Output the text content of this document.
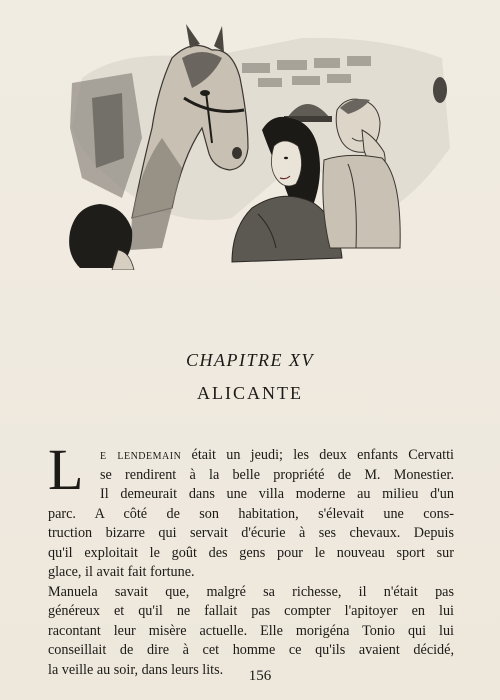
CHAPITRE XV
ALICANTE
L	e lendemain était un jeudi; les deux enfants Cervatti
se rendirent à la belle propriété de M. Monestier.
Il demeurait dans une villa moderne au milieu d'un
parc. A côté de son habitation, s'élevait une cons-
truction bizarre qui servait d'écurie à ses chevaux. Depuis
qu'il exploitait le goût des gens pour le nouveau sport sur
glace, il avait fait fortune.
Manuela savait que, malgré sa richesse, il n'était pas
généreux et qu'il ne fallait pas compter l'apitoyer en lui
racontant leur misère actuelle. Elle morigéna Tonio qui lui
conseillait de dire à cet homme ce qu'ils avaient décidé,
la veille au soir, dans leurs lits.	156
